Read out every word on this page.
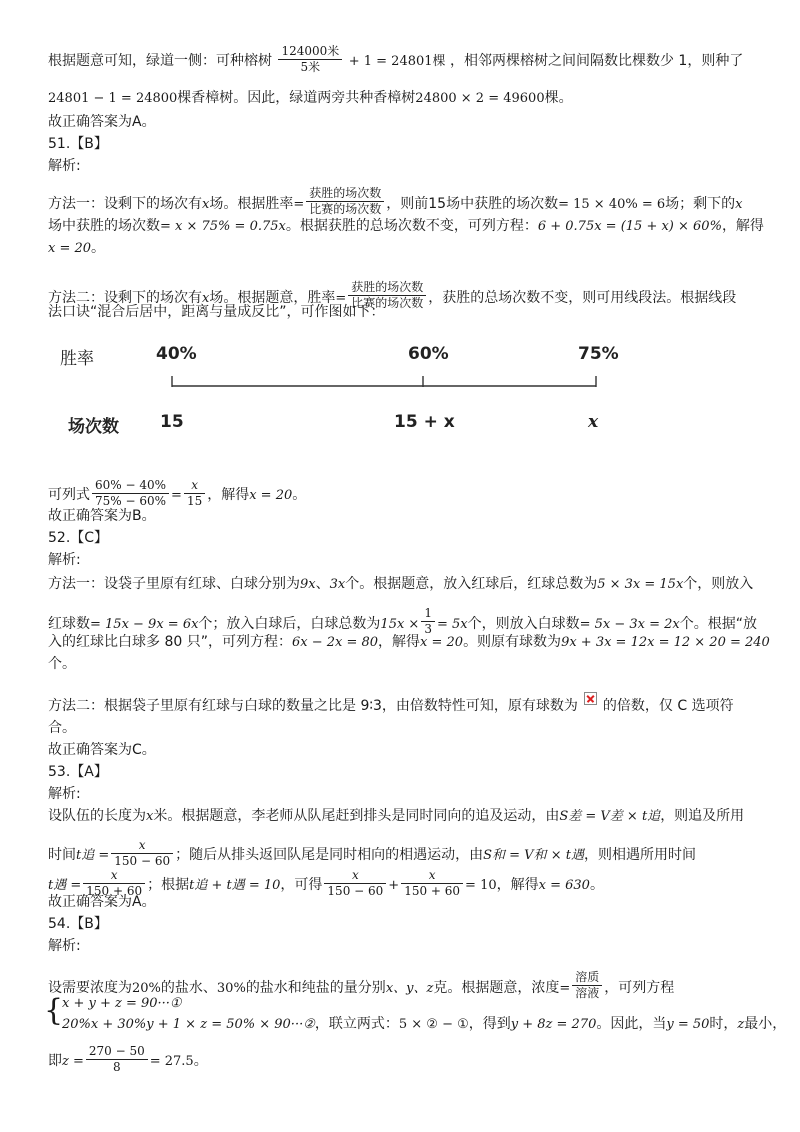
根据题意可知，绿道一侧：可种榕树 $\frac{\text{124000米}}{\text{5米}} + 1 = 24801$棵 ，相邻两棵榕树之间间隔数比棵数少 1，则种了
24801 − 1 = 24800棵香樟树。因此，绿道两旁共种香樟树24800 × 2 = 49600棵。
故正确答案为A。
51.【B】
解析:
方法一：设剩下的场次有x场。根据胜率= $\frac{\text{获胜的场次数}}{\text{比赛的场次数}}$ ，则前15场中获胜的场次数= 15 × 40% = 6场；剩下的x
场中获胜的场次数= x × 75% = 0.75x。根据获胜的总场次数不变，可列方程：6 + 0.75x = (15 + x) × 60%，解得
x = 20。
方法二：设剩下的场次有x场。根据题意，胜率= $\frac{\text{获胜的场次数}}{\text{比赛的场次数}}$ ，获胜的总场次数不变，则可用线段法。根据线段
法口诀“混合后居中，距离与量成反比”，可作图如下：
胜率	40%	60%	75%
场次数 15	15 + x	x
可列式 $\frac{60\% - 40\%}{75\% - 60\%} = \frac{x}{15}$ ，解得x = 20。
故正确答案为B。
52.【C】
解析:
方法一：设袋子里原有红球、白球分别为9x、3x个。根据题意，放入红球后，红球总数为5 × 3x = 15x个，则放入
红球数= 15x − 9x = 6x个；放入白球后，白球总数为$15x \times \frac{1}{3} = 5x$个，则放入白球数= 5x − 3x = 2x个。根据“放
入的红球比白球多 80 只”，可列方程：6x − 2x = 80，解得x = 20。则原有球数为9x + 3x = 12x = 12 × 20 = 240
个。
方法二：根据袋子里原有红球与白球的数量之比是 9∶3，由倍数特性可知，原有球数为 的倍数，仅 C 选项符
合。
故正确答案为C。
53.【A】
解析:
设队伍的长度为x米。根据题意，李老师从队尾赶到排头是同时同向的追及运动，由S差 = V差 × t追，则追及所用
时间t追 = $\frac{x}{150 - 60}$ ；随后从排头返回队尾是同时相向的相遇运动，由S和 = V和 × t遇，则相遇所用时间
t遇 = $\frac{x}{150 + 60}$ ；根据t追 + t遇 = 10，可得 $\frac{x}{150 - 60} + \frac{x}{150 + 60} = 10$，解得x = 630。
故正确答案为A。
54.【B】
解析:
设需要浓度为20%的盐水、30%的盐水和纯盐的量分别x、y、z克。根据题意，浓度= $\frac{\text{溶质}}{\text{溶液}}$ ，可列方程
{
x + y + z = 90···①
20%x + 30%y + 1 × z = 50% × 90···②，联立两式：5 × ② − ①，得到y + 8z = 270。因此，当y = 50时，z最小，
即$z = \frac{270 - 50}{8} = 27.5$。
